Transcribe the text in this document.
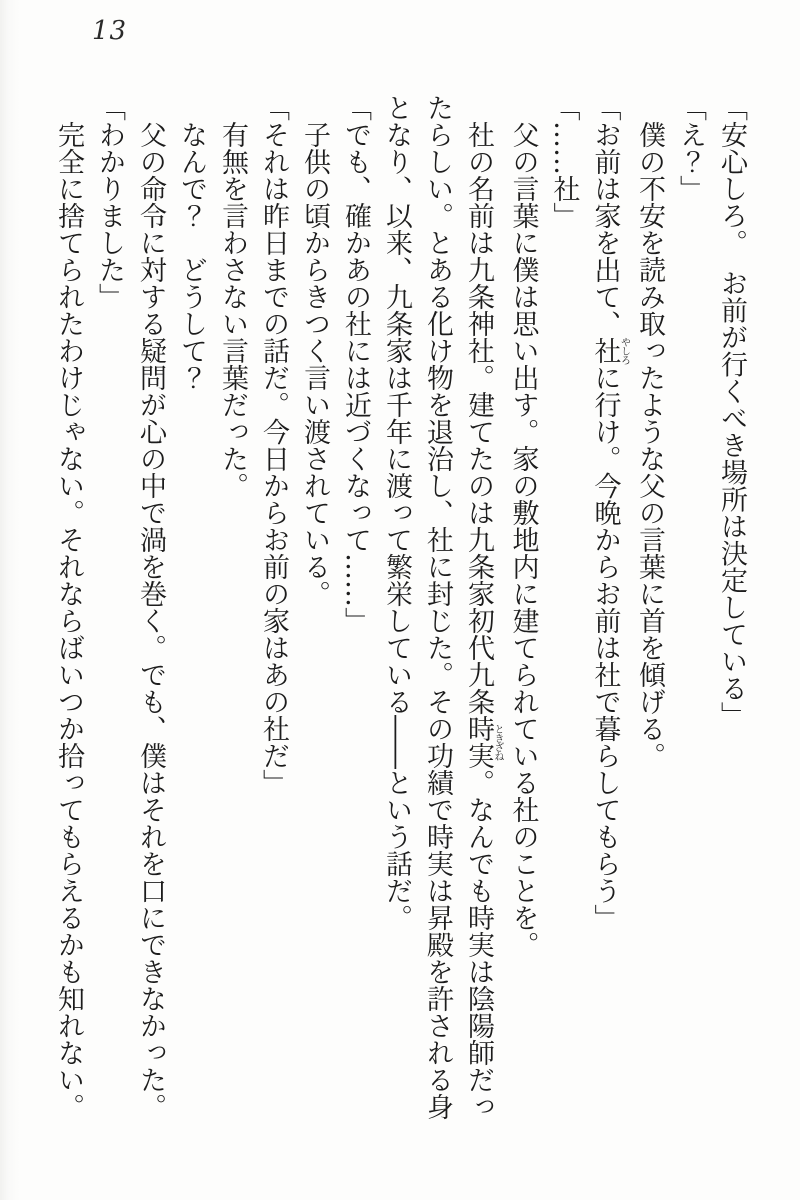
13

「安心しろ。　お前が行くべき場所は決定している」

「え？」

僕の不安を読み取ったような父の言葉に首を傾げる。

「お前は家を出て、社やしろに行け。今晩からお前は社で暮らしてもらう」

「……社」

父の言葉に僕は思い出す。家の敷地内に建てられている社のことを。

社の名前は九条神社。建てたのは九条家初代九条時実ときざね。なんでも時実は陰陽師だったらしい。とある化け物を退治し、社に封じた。その功績で時実は昇殿を許される身となり、以来、九条家は千年に渡って繁栄している――という話だ。

「でも、確かあの社には近づくなって……」

子供の頃からきつく言い渡されている。

「それは昨日までの話だ。今日からお前の家はあの社だ」

有無を言わさない言葉だった。

なんで？　どうして？

父の命令に対する疑問が心の中で渦を巻く。でも、僕はそれを口にできなかった。

「わかりました」

完全に捨てられたわけじゃない。それならばいつか拾ってもらえるかも知れない。
